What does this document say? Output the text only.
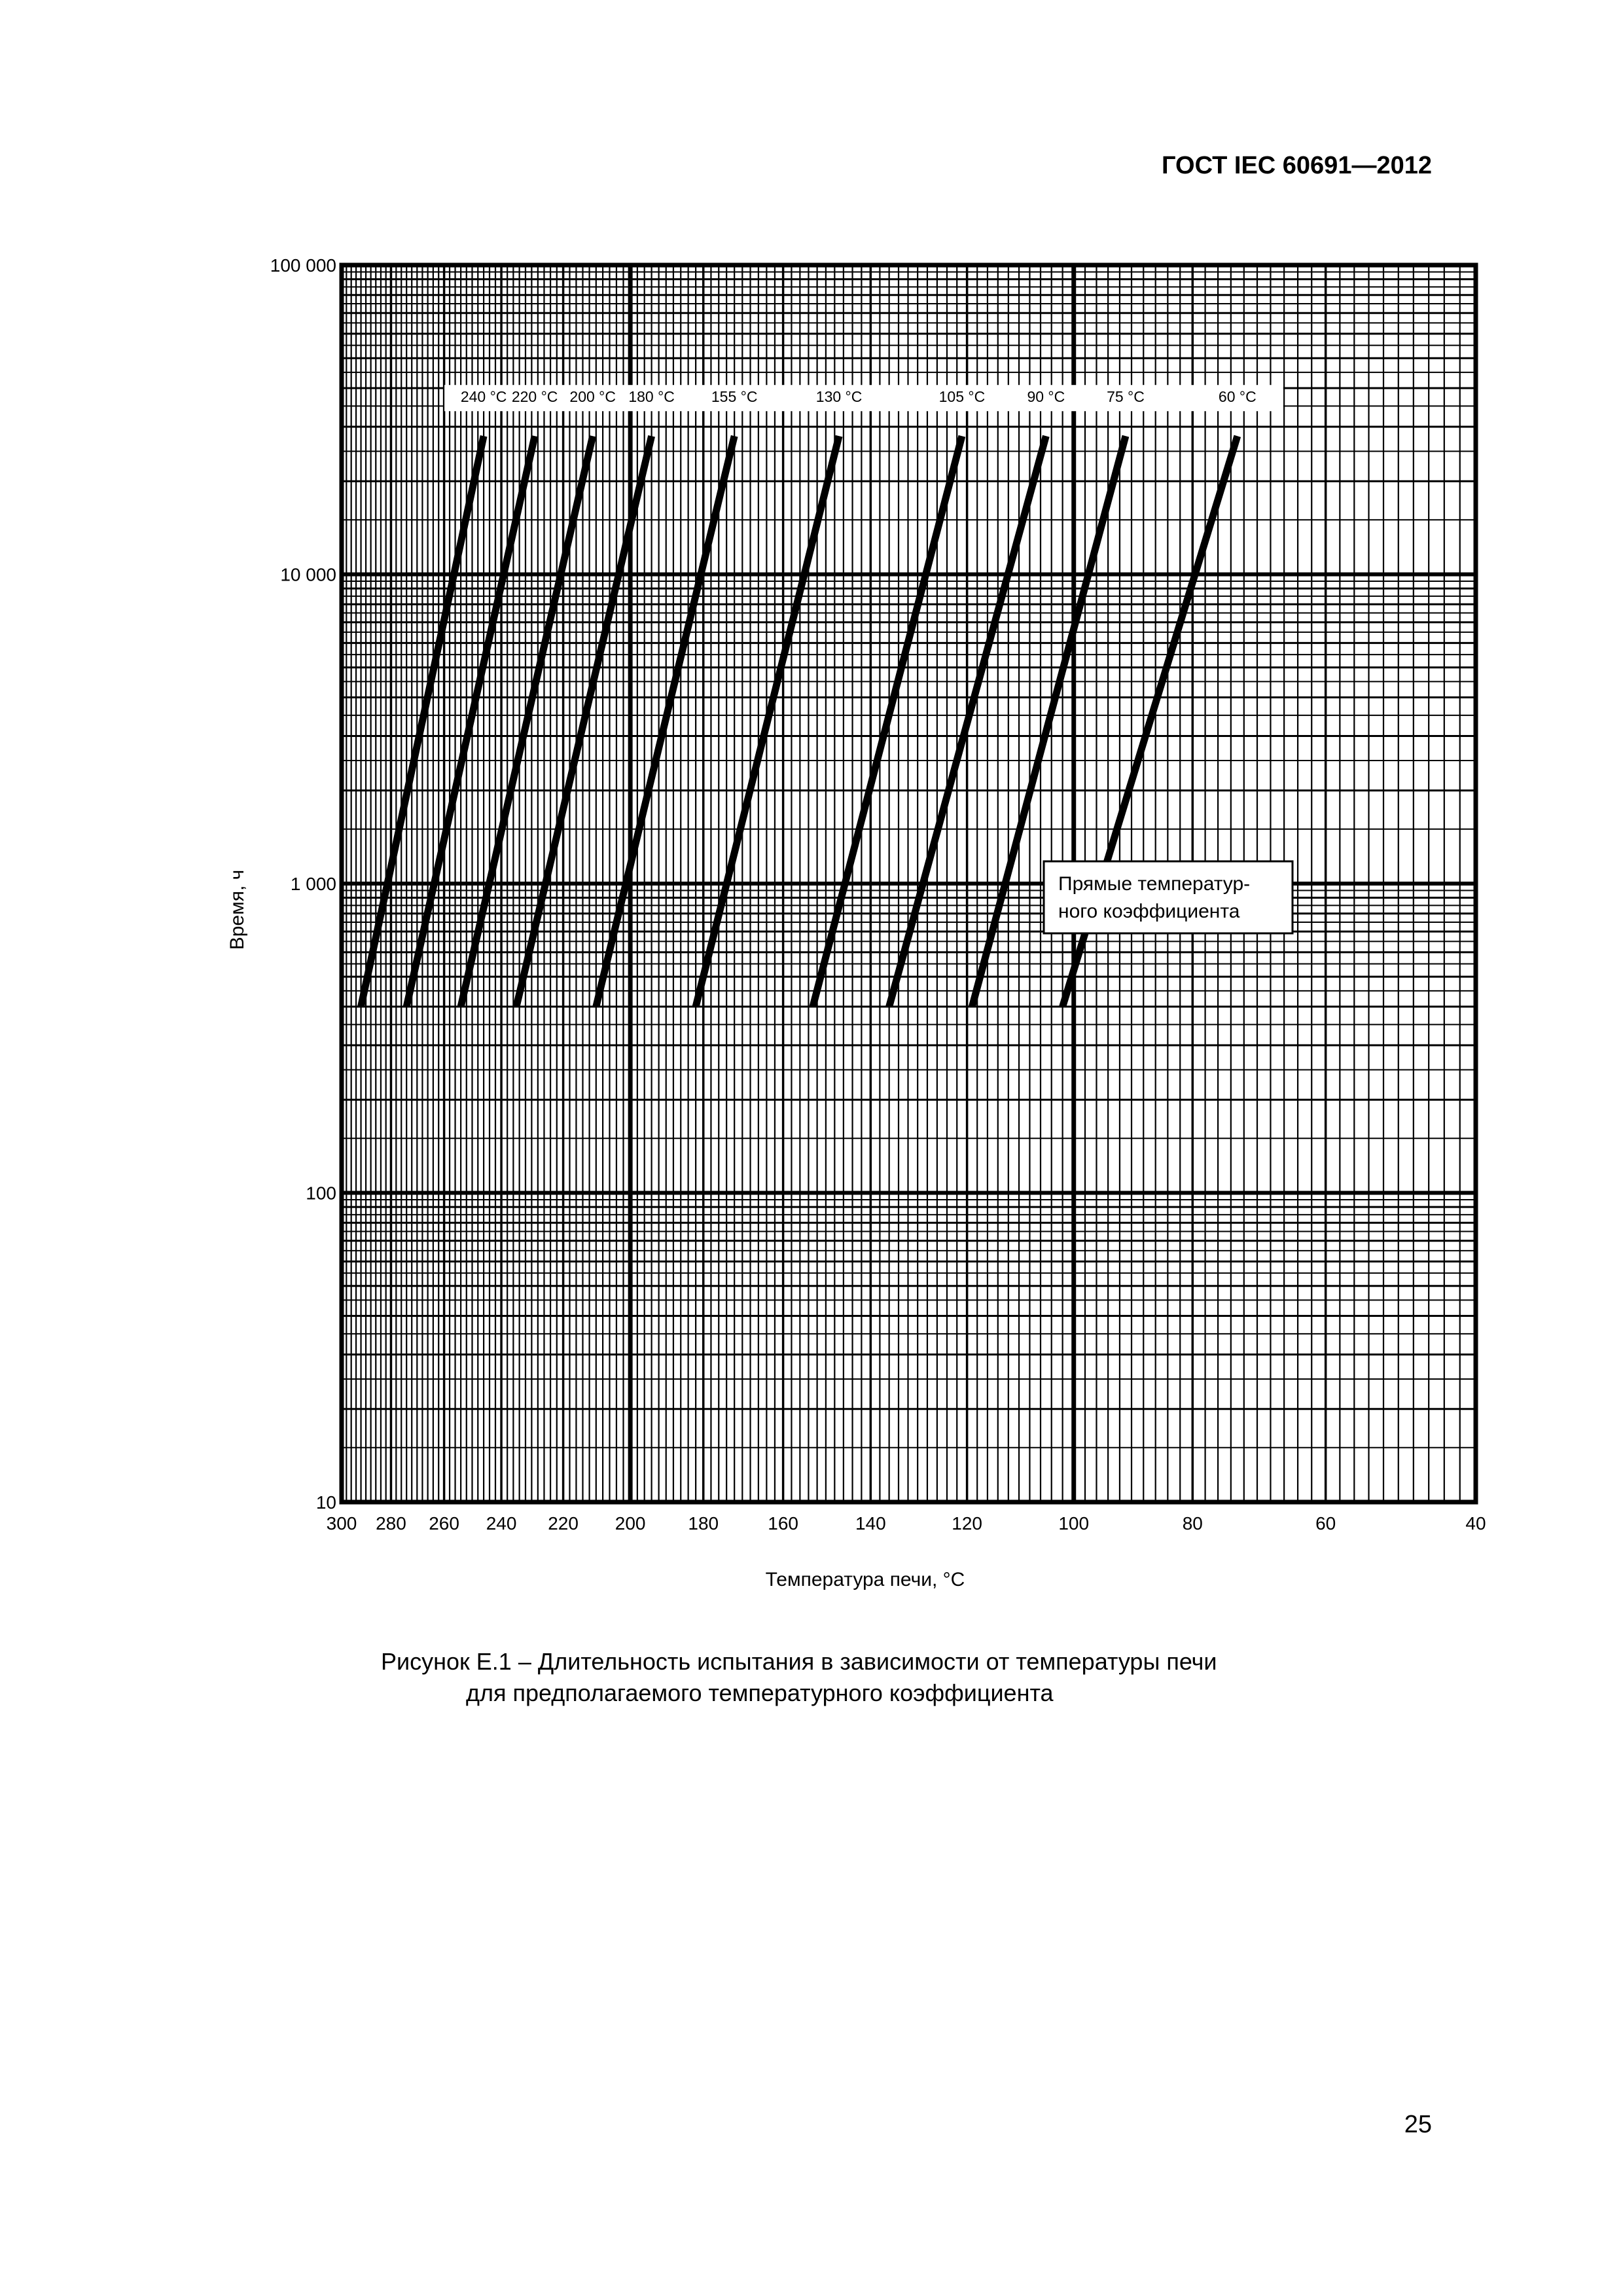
ГОСТ IEC 60691—2012
240 °С 220 °С 200 °С 180 °С 155 °С	130 °С	105 °С	90 °С	75 °С	60 °С
Прямые температур-
ного коэффициента
300 280 260 240 220 200 180	160	140	120	100	80	60	40
100 000
10 000
1 000
100
10
Температура печи, °С
Время, ч
Рисунок Е.1 – Длительность испытания в зависимости от температуры печи
для предполагаемого температурного коэффициента
25
